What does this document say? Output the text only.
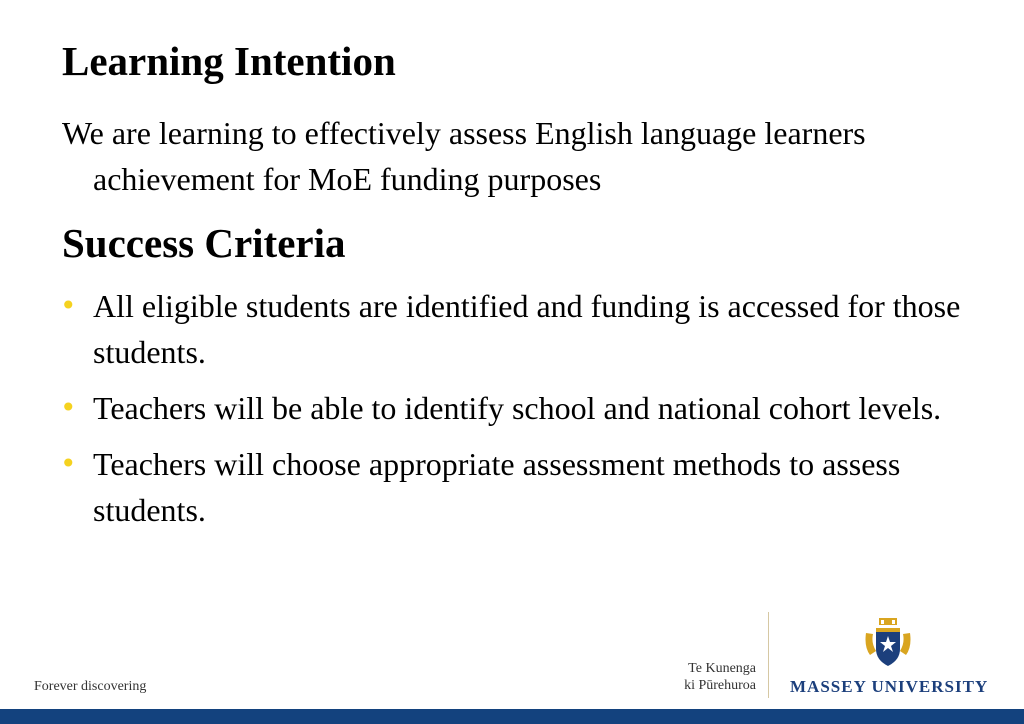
Learning Intention

We are learning to effectively assess English language learners achievement for MoE funding purposes

Success Criteria
• All eligible students are identified and funding is accessed for those students.
• Teachers will be able to identify school and national cohort levels.
• Teachers will choose appropriate assessment methods to assess students.
Forever discovering
Te Kunenga
ki Pūrehuroa MASSEY UNIVERSITY
